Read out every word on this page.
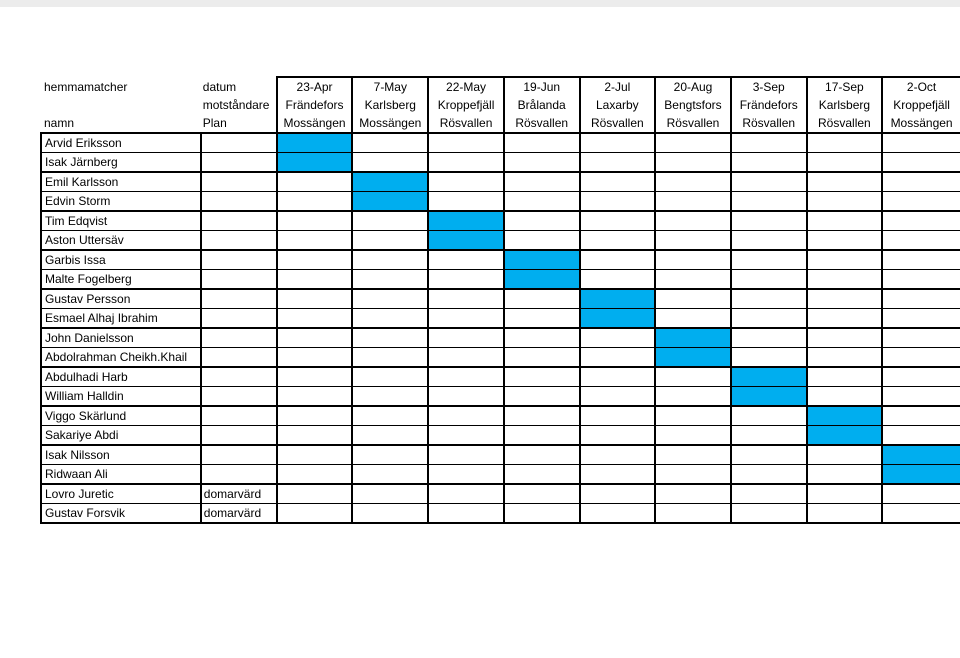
hemmamatcher	datum	23-Apr	7-May	22-May	19-Jun	2-Jul	20-Aug	3-Sep	17-Sep	2-Oct
	motståndare	Frändefors	Karlsberg	Kroppefjäll	Brålanda	Laxarby	Bengtsfors	Frändefors	Karlsberg	Kroppefjäll
namn	Plan	Mossängen	Mossängen	Rösvallen	Rösvallen	Rösvallen	Rösvallen	Rösvallen	Rösvallen	Mossängen
Arvid Eriksson										
Isak Järnberg										
Emil Karlsson										
Edvin Storm										
Tim Edqvist										
Aston Uttersäv										
Garbis Issa										
Malte Fogelberg										
Gustav Persson										
Esmael Alhaj Ibrahim										
John Danielsson										
Abdolrahman Cheikh.Khail										
Abdulhadi Harb										
William Halldin										
Viggo Skärlund										
Sakariye Abdi										
Isak Nilsson										
Ridwaan Ali										
Lovro Juretic	domarvärd									
Gustav Forsvik	domarvärd									
